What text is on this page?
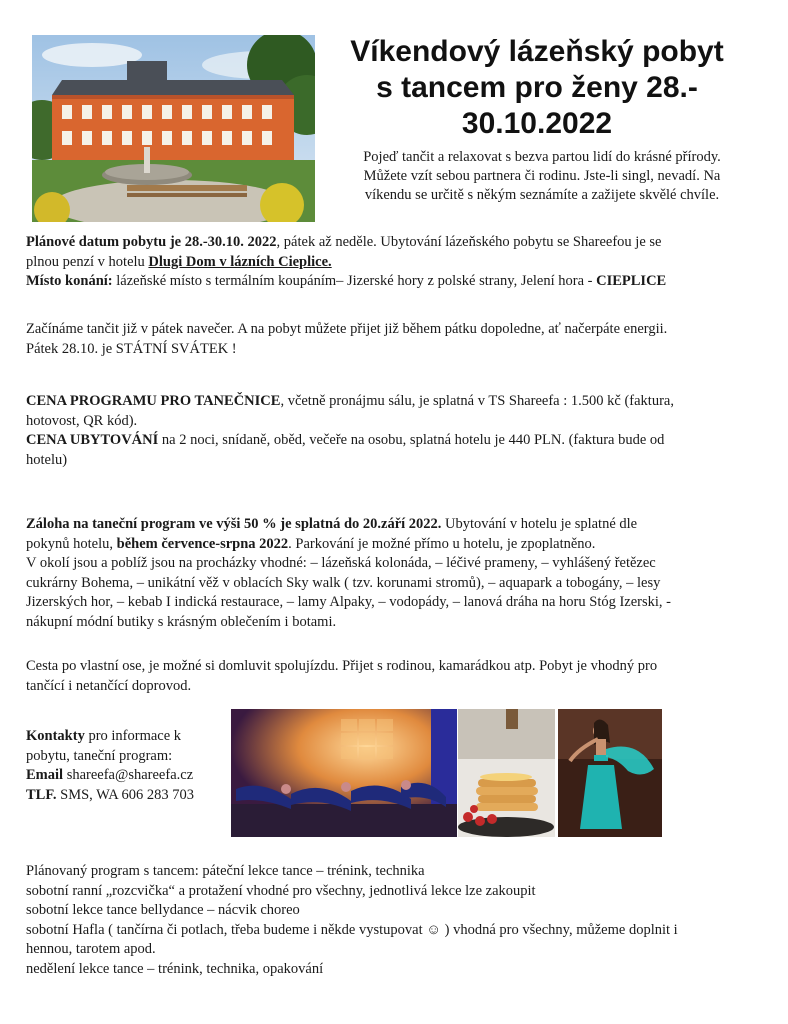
Víkendový lázeňský pobyt
s tancem pro ženy 28.-
30.10.2022
Pojeď tančit a relaxovat s bezva partou lidí do krásné přírody.
Můžete vzít sebou partnera či rodinu. Jste-li singl, nevadí. Na
víkendu se určitě s někým seznámíte a zažijete skvělé chvíle.
Plánové datum pobytu je 28.-30.10. 2022, pátek až neděle. Ubytování lázeňského pobytu se Shareefou je se
plnou penzí v hotelu Dlugi Dom v lázních Cieplice.
Místo konání: lázeňské místo s termálním koupáním– Jizerské hory z polské strany, Jelení hora - CIEPLICE
Začínáme tančit již v pátek navečer. A na pobyt můžete přijet již během pátku dopoledne, ať načerpáte energii.
Pátek 28.10. je STÁTNÍ SVÁTEK !
CENA PROGRAMU PRO TANEČNICE, včetně pronájmu sálu, je splatná v TS Shareefa : 1.500 kč (faktura,
hotovost, QR kód).
CENA UBYTOVÁNÍ na 2 noci, snídaně, oběd, večeře na osobu, splatná hotelu je 440 PLN. (faktura bude od
hotelu)
Záloha na taneční program ve výši 50 % je splatná do 20.září 2022. Ubytování v hotelu je splatné dle
pokynů hotelu, během července-srpna 2022. Parkování je možné přímo u hotelu, je zpoplatněno.
V okolí jsou a poblíž jsou na procházky vhodné: – lázeňská kolonáda, – léčivé prameny, – vyhlášený řetězec
cukrárny Bohema, – unikátní věž v oblacích Sky walk ( tzv. korunami stromů), – aquapark a tobogány, – lesy
Jizerských hor, – kebab I indická restaurace, – lamy Alpaky, – vodopády, – lanová dráha na horu Stóg Izerski, -
nákupní módní butiky s krásným oblečením i botami.
Cesta po vlastní ose, je možné si domluvit spolujízdu. Přijet s rodinou, kamarádkou atp. Pobyt je vhodný pro
tančící i netančící doprovod.
Kontakty pro informace k
pobytu, taneční program:
Email shareefa@shareefa.cz
TLF. SMS, WA 606 283 703
Plánovaný program s tancem: páteční lekce tance – trénink, technika
sobotní ranní „rozcvička“ a protažení vhodné pro všechny, jednotlivá lekce lze zakoupit
sobotní lekce tance bellydance – nácvik choreo
sobotní Hafla ( tančírna či potlach, třeba budeme i někde vystupovat ☺ ) vhodná pro všechny, můžeme doplnit i
hennou, tarotem apod.
nedělení lekce tance – trénink, technika, opakování
